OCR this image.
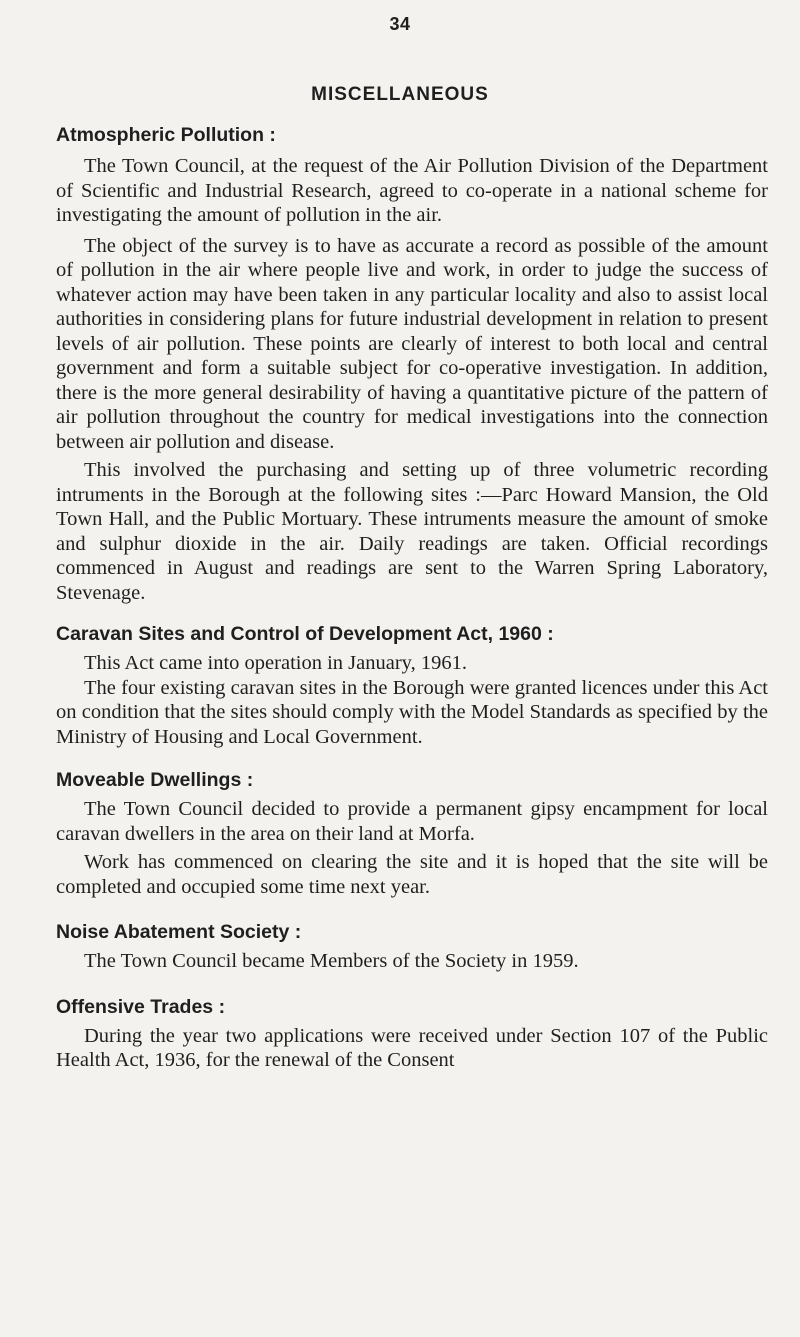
34
MISCELLANEOUS
Atmospheric Pollution :

The Town Council, at the request of the Air Pollution Division of the Department of Scientific and Industrial Research, agreed to co-operate in a national scheme for investigating the amount of pollution in the air.

The object of the survey is to have as accurate a record as possible of the amount of pollution in the air where people live and work, in order to judge the success of whatever action may have been taken in any particular locality and also to assist local authorities in considering plans for future industrial development in relation to present levels of air pollution. These points are clearly of interest to both local and central government and form a suitable subject for co-operative investigation. In addition, there is the more general desirability of having a quantitative picture of the pattern of air pollution throughout the country for medical investigations into the connection between air pollution and disease.

This involved the purchasing and setting up of three volumetric recording intruments in the Borough at the following sites :—Parc Howard Mansion, the Old Town Hall, and the Public Mortuary. These intruments measure the amount of smoke and sulphur dioxide in the air. Daily readings are taken. Official recordings commenced in August and readings are sent to the Warren Spring Laboratory, Stevenage.

Caravan Sites and Control of Development Act, 1960 :

This Act came into operation in January, 1961.

The four existing caravan sites in the Borough were granted licences under this Act on condition that the sites should comply with the Model Standards as specified by the Ministry of Housing and Local Government.

Moveable Dwellings :

The Town Council decided to provide a permanent gipsy encampment for local caravan dwellers in the area on their land at Morfa.

Work has commenced on clearing the site and it is hoped that the site will be completed and occupied some time next year.

Noise Abatement Society :

The Town Council became Members of the Society in 1959.

Offensive Trades :

During the year two applications were received under Section 107 of the Public Health Act, 1936, for the renewal of the Consent
